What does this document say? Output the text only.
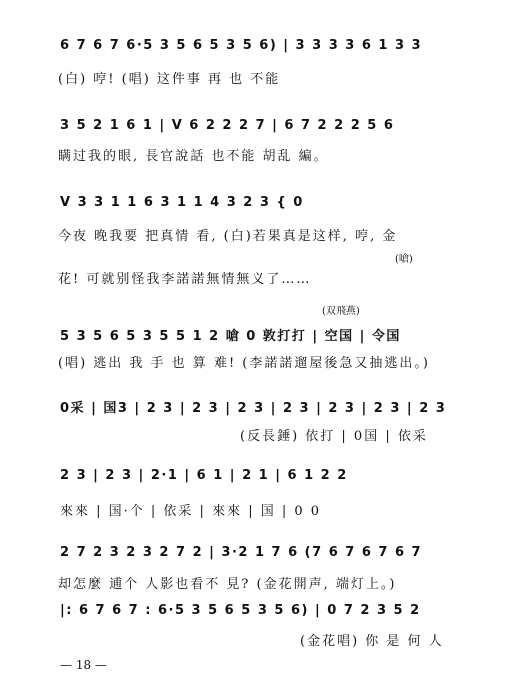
6 7 6 7 6·5 3 5 6 5 3 5 6) | 3 3 3 3 6 1 3 3
(白) 哼! (唱) 这件事 再 也 不能
3 5 2 1 6 1 | V 6 2 2 2 7 | 6 7 2 2 2 5 6
瞒过我的眼, 長官說話 也不能 胡乱 編。
V 3 3 1 1 6 3 1 1 4 3 2 3 { 0
今夜 晚我要 把真情 看, (白)若果真是这样, 哼, 金
(嗆)
花! 可就别怪我李諾諾無情無义了……
(双飛燕)
5 3 5 6 5 3 5 5 1 2 嗆 0 敦打打 | 空国 | 令国
(唱) 逃出 我 手 也 算 难! (李諾諾遛屋後急又抽逃出。)
0采 | 国3 | 2 3 | 2 3 | 2 3 | 2 3 | 2 3 | 2 3 | 2 3
(反長錘) 依打 | 0国 | 依采
2 3 | 2 3 | 2·1 | 6 1 | 2 1 | 6 1 2 2
來來 | 国·个 | 依采 | 來來 | 国 | 0 0
2 7 2 3 2 3 2 7 2 | 3·2 1 7 6 (7 6 7 6 7 6 7
却怎麼 逋个 人影也看不 見? (金花開声, 端灯上。)
|: 6 7 6 7 : 6·5 3 5 6 5 3 5 6) | 0 7 2 3 5 2
(金花唱) 你 是 何 人
— 18 —
